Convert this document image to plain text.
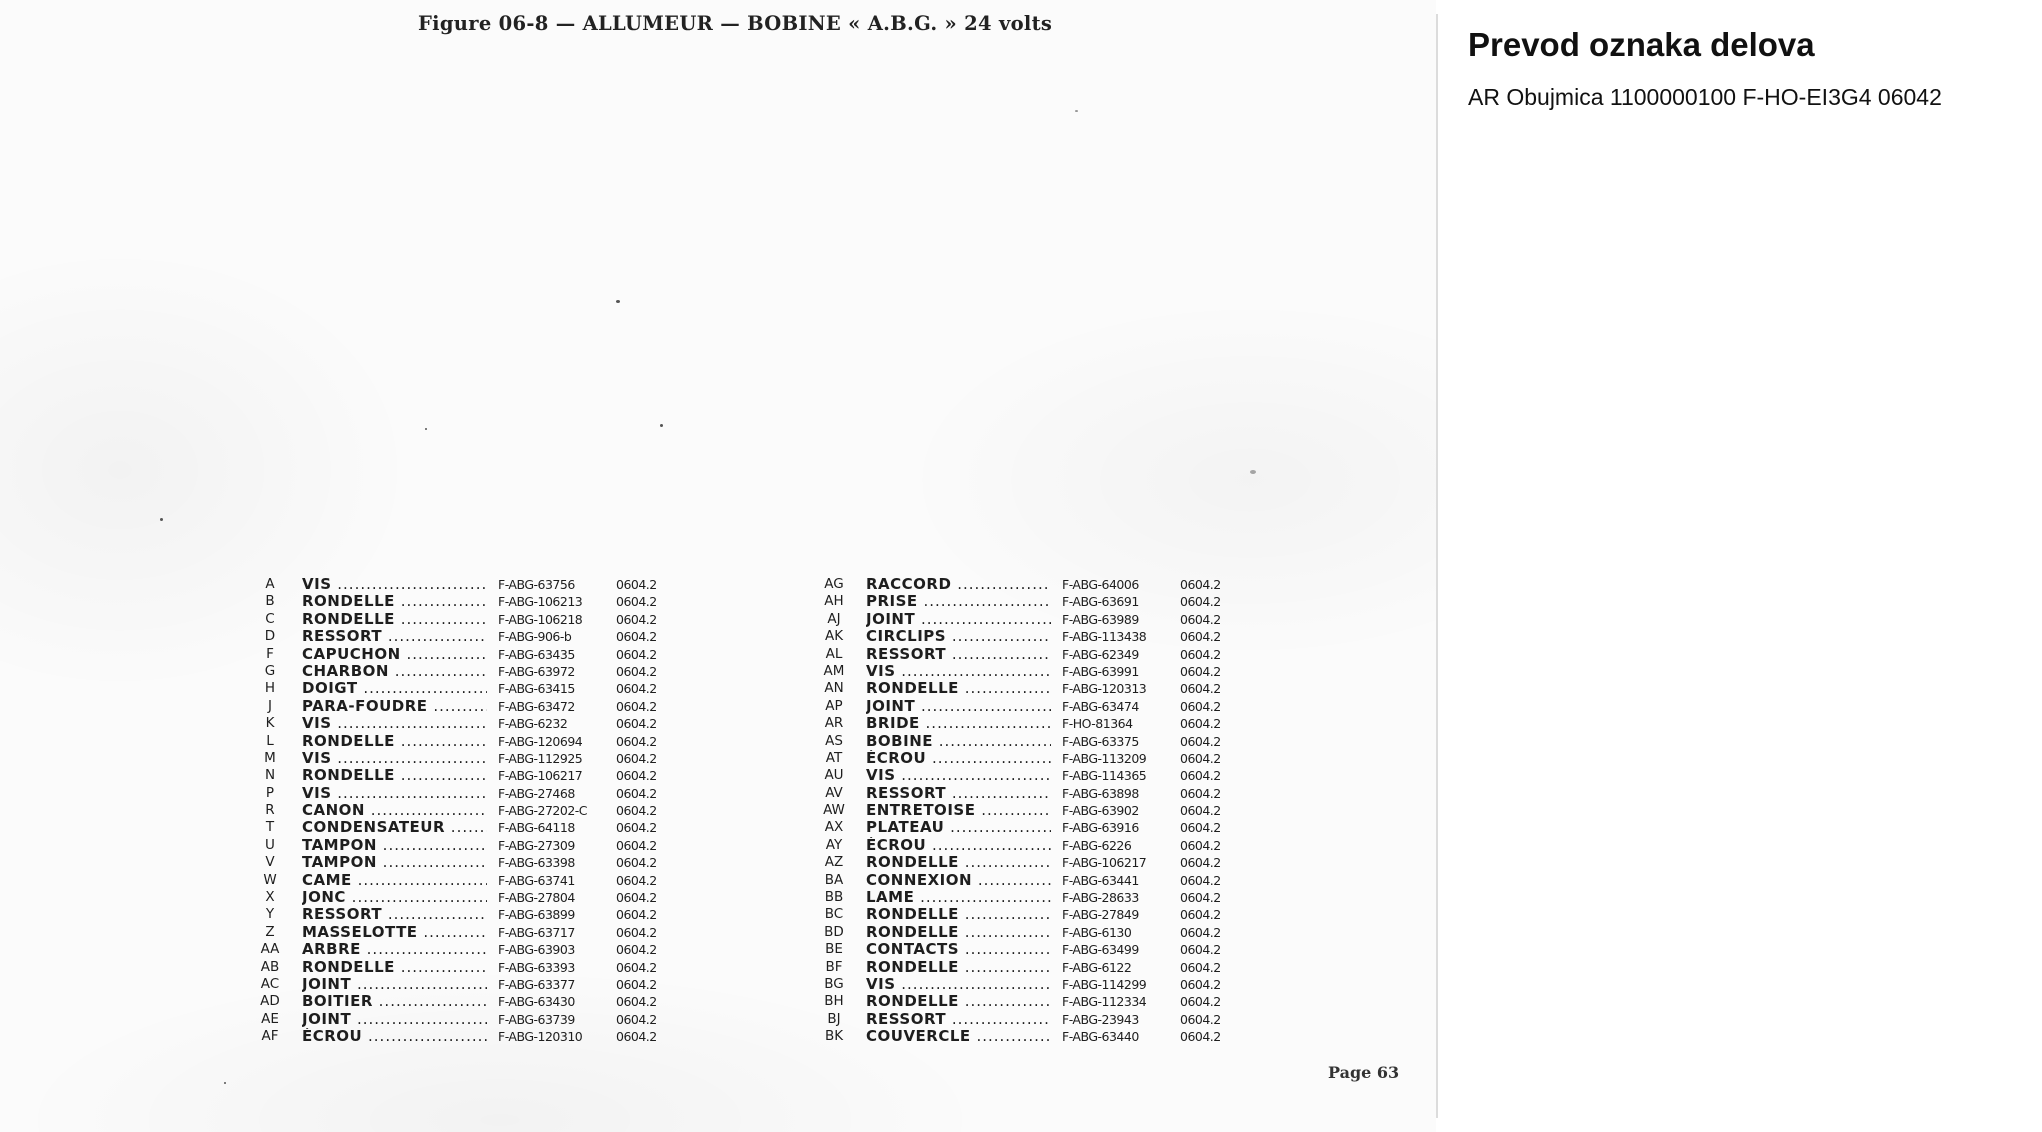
Figure 06-8 — ALLUMEUR — BOBINE « A.B.G. » 24 volts
A	VIS .....	F-ABG-63756	0604.2
B	RONDELLE .....	F-ABG-106213	0604.2
C	RONDELLE .....	F-ABG-106218	0604.2
D	RESSORT .....	F-ABG-906-b	0604.2
F	CAPUCHON .....	F-ABG-63435	0604.2
G	CHARBON .....	F-ABG-63972	0604.2
H	DOIGT .....	F-ABG-63415	0604.2
J	PARA-FOUDRE .....	F-ABG-63472	0604.2
K	VIS .....	F-ABG-6232	0604.2
L	RONDELLE .....	F-ABG-120694	0604.2
M	VIS .....	F-ABG-112925	0604.2
N	RONDELLE .....	F-ABG-106217	0604.2
P	VIS .....	F-ABG-27468	0604.2
R	CANON .....	F-ABG-27202-C 0604.2
T	CONDENSATEUR .....	F-ABG-64118	0604.2
U	TAMPON .....	F-ABG-27309	0604.2
V	TAMPON .....	F-ABG-63398	0604.2
W	CAME .....	F-ABG-63741	0604.2
X	JONC .....	F-ABG-27804	0604.2
Y	RESSORT .....	F-ABG-63899	0604.2
Z	MASSELOTTE .....	F-ABG-63717	0604.2
AA ARBRE .....	F-ABG-63903	0604.2
AB RONDELLE .....	F-ABG-63393	0604.2
AC JOINT .....	F-ABG-63377	0604.2
AD BOITIER .....	F-ABG-63430	0604.2
AE JOINT .....	F-ABG-63739	0604.2
AF ÉCROU .....	F-ABG-120310	0604.2
AG RACCORD .....	F-ABG-64006	0604.2
AH PRISE .....	F-ABG-63691	0604.2
AJ	JOINT .....	F-ABG-63989	0604.2
AK CIRCLIPS .....	F-ABG-113438	0604.2
AL RESSORT .....	F-ABG-62349	0604.2
AM VIS .....	F-ABG-63991	0604.2
AN RONDELLE .....	F-ABG-120313	0604.2
AP JOINT .....	F-ABG-63474	0604.2
AR BRIDE .....	F-HO-81364	0604.2
AS BOBINE .....	F-ABG-63375	0604.2
AT ÉCROU .....	F-ABG-113209	0604.2
AU VIS .....	F-ABG-114365	0604.2
AV RESSORT .....	F-ABG-63898	0604.2
AW ENTRETOISE .....	F-ABG-63902	0604.2
AX PLATEAU .....	F-ABG-63916	0604.2
AY ÉCROU .....	F-ABG-6226	0604.2
AZ RONDELLE .....	F-ABG-106217	0604.2
BA CONNEXION .....	F-ABG-63441	0604.2
BB LAME .....	F-ABG-28633	0604.2
BC RONDELLE .....	F-ABG-27849	0604.2
BD RONDELLE .....	F-ABG-6130	0604.2
BE CONTACTS .....	F-ABG-63499	0604.2
BF RONDELLE .....	F-ABG-6122	0604.2
BG VIS .....	F-ABG-114299	0604.2
BH RONDELLE .....	F-ABG-112334	0604.2
BJ	RESSORT .....	F-ABG-23943	0604.2
BK COUVERCLE .....	F-ABG-63440	0604.2
Page 63
Prevod oznaka delova
AR Obujmica 1100000100 F-HO-EI3G4 06042
